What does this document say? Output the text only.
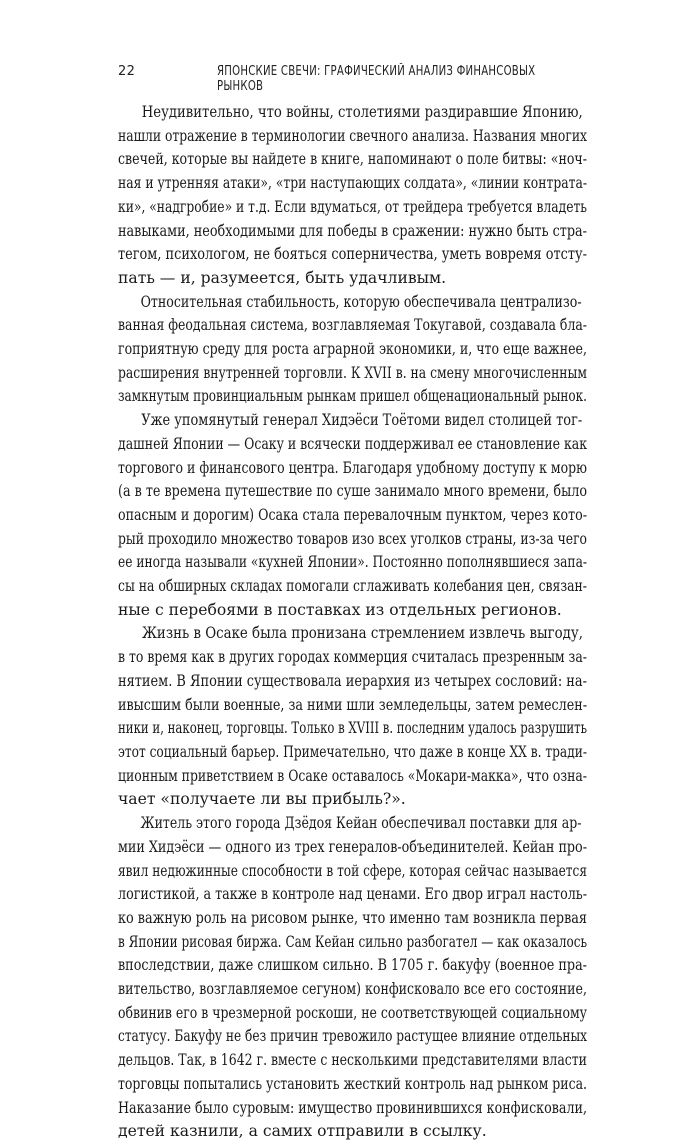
22	ЯПОНСКИЕ СВЕЧИ: ГРАФИЧЕСКИЙ АНАЛИЗ ФИНАНСОВЫХ РЫНКОВ
Неудивительно, что войны, столетиями раздиравшие Японию,
нашли отражение в терминологии свечного анализа. Названия многих
свечей, которые вы найдете в книге, напоминают о поле битвы: «ноч-
ная и утренняя атаки», «три наступающих солдата», «линии контрата-
ки», «надгробие» и т.д. Если вдуматься, от трейдера требуется владеть
навыками, необходимыми для победы в сражении: нужно быть стра-
тегом, психологом, не бояться соперничества, уметь вовремя отсту-
пать — и, разумеется, быть удачливым.
Относительная стабильность, которую обеспечивала централизо-
ванная феодальная система, возглавляемая Токугавой, создавала бла-
гоприятную среду для роста аграрной экономики, и, что еще важнее,
расширения внутренней торговли. К XVII в. на смену многочисленным
замкнутым провинциальным рынкам пришел общенациональный рынок.
Уже упомянутый генерал Хидэёси Тоётоми видел столицей тог-
дашней Японии — Осаку и всячески поддерживал ее становление как
торгового и финансового центра. Благодаря удобному доступу к морю
(а в те времена путешествие по суше занимало много времени, было
опасным и дорогим) Осака стала перевалочным пунктом, через кото-
рый проходило множество товаров изо всех уголков страны, из-за чего
ее иногда называли «кухней Японии». Постоянно пополнявшиеся запа-
сы на обширных складах помогали сглаживать колебания цен, связан-
ные с перебоями в поставках из отдельных регионов.
Жизнь в Осаке была пронизана стремлением извлечь выгоду,
в то время как в других городах коммерция считалась презренным за-
нятием. В Японии существовала иерархия из четырех сословий: на-
ивысшим были военные, за ними шли земледельцы, затем ремеслен-
ники и, наконец, торговцы. Только в XVIII в. последним удалось разрушить
этот социальный барьер. Примечательно, что даже в конце XX в. тради-
ционным приветствием в Осаке оставалось «Мокари-макка», что озна-
чает «получаете ли вы прибыль?».
Житель этого города Дзёдоя Кейан обеспечивал поставки для ар-
мии Хидэёси — одного из трех генералов-объединителей. Кейан про-
явил недюжинные способности в той сфере, которая сейчас называется
логистикой, а также в контроле над ценами. Его двор играл настоль-
ко важную роль на рисовом рынке, что именно там возникла первая
в Японии рисовая биржа. Сам Кейан сильно разбогател — как оказалось
впоследствии, даже слишком сильно. В 1705 г. бакуфу (военное пра-
вительство, возглавляемое сегуном) конфисковало все его состояние,
обвинив его в чрезмерной роскоши, не соответствующей социальному
статусу. Бакуфу не без причин тревожило растущее влияние отдельных
дельцов. Так, в 1642 г. вместе с несколькими представителями власти
торговцы попытались установить жесткий контроль над рынком риса.
Наказание было суровым: имущество провинившихся конфисковали,
детей казнили, а самих отправили в ссылку.
